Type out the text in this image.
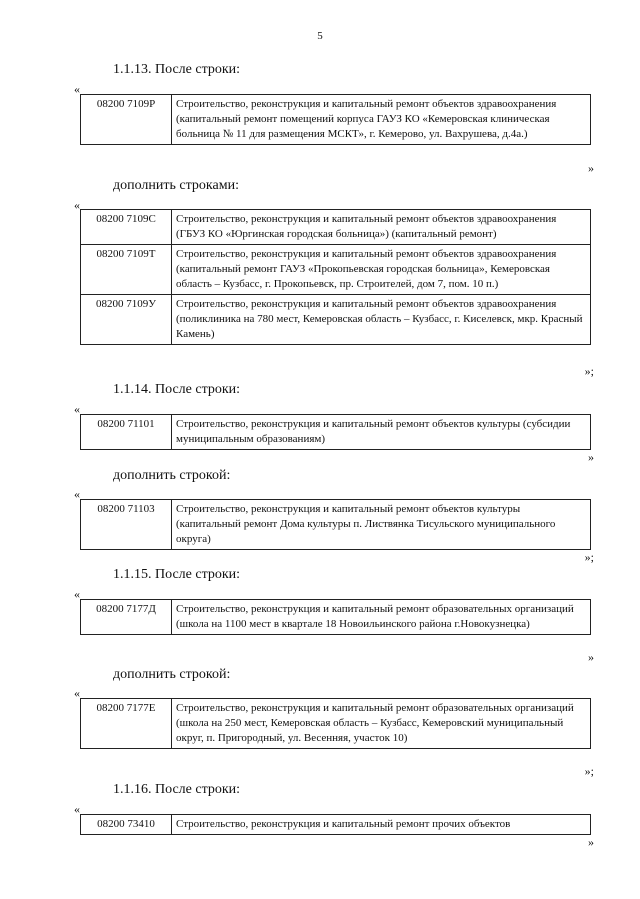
5
1.1.13. После строки:
«
08200 7109Р	Строительство, реконструкция и капитальный ремонт объектов здравоохранения (капитальный ремонт помещений корпуса ГАУЗ КО «Кемеровская клиническая больница № 11 для размещения МСКТ», г. Кемерово, ул. Вахрушева, д.4а.)
»
дополнить строками:
«
08200 7109С	Строительство, реконструкция и капитальный ремонт объектов здравоохранения (ГБУЗ КО «Юргинская городская больница») (капитальный ремонт)
08200 7109Т	Строительство, реконструкция и капитальный ремонт объектов здравоохранения (капитальный ремонт ГАУЗ «Прокопьевская городская больница», Кемеровская область – Кузбасс, г. Прокопьевск, пр. Строителей, дом 7, пом. 10 п.)
08200 7109У	Строительство, реконструкция и капитальный ремонт объектов здравоохранения (поликлиника на 780 мест, Кемеровская область – Кузбасс, г. Киселевск, мкр. Красный Камень)
»;
1.1.14. После строки:
«
08200 71101	Строительство, реконструкция и капитальный ремонт объектов культуры (субсидии муниципальным образованиям)
»
дополнить строкой:
«
08200 71103	Строительство, реконструкция и капитальный ремонт объектов культуры (капитальный ремонт Дома культуры п. Листвянка Тисульского муниципального округа)
»;
1.1.15. После строки:
«
08200 7177Д	Строительство, реконструкция и капитальный ремонт образовательных организаций (школа на 1100 мест в квартале 18 Новоильинского района г.Новокузнецка)
»
дополнить строкой:
«
08200 7177Е	Строительство, реконструкция и капитальный ремонт образовательных организаций (школа на 250 мест, Кемеровская область – Кузбасс, Кемеровский муниципальный округ, п. Пригородный, ул. Весенняя, участок 10)
»;
1.1.16. После строки:
«
08200 73410	Строительство, реконструкция и капитальный ремонт прочих объектов
»
